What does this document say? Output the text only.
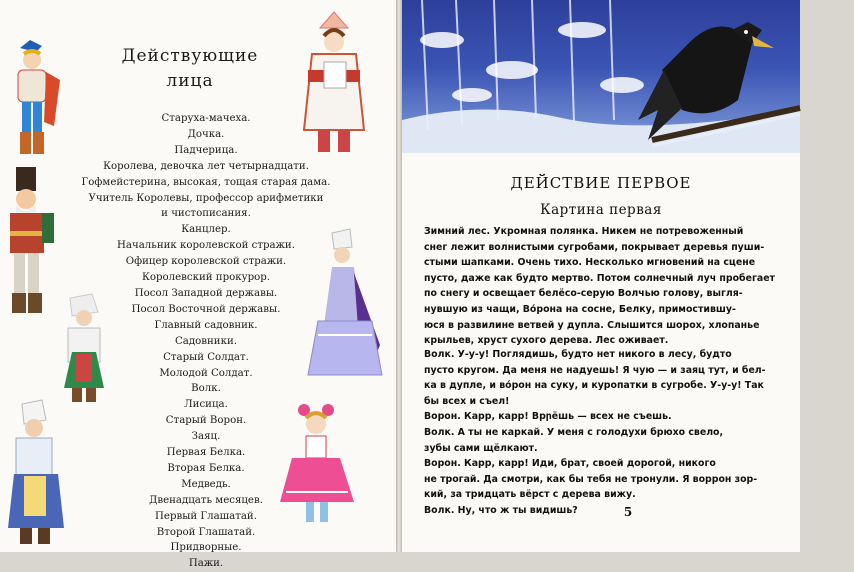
Действующие
лица
Старуха-мачеха.
Дочка.
Падчерица.
Королева, девочка лет четырнадцати.
Гофмейстерина, высокая, тощая старая дама.
Учитель Королевы, профессор арифметики
и чистописания.
Канцлер.
Начальник королевской стражи.
Офицер королевской стражи.
Королевский прокурор.
Посол Западной державы.
Посол Восточной державы.
Главный садовник.
Садовники.
Старый Солдат.
Молодой Солдат.
Волк.
Лисица.
Старый Ворон.
Заяц.
Первая Белка.
Вторая Белка.
Медведь.
Двенадцать месяцев.
Первый Глашатай.
Второй Глашатай.
Придворные.
Пажи.
ДЕЙСТВИЕ ПЕРВОЕ
Картина первая
Зимний лес. Укромная полянка. Никем не потревоженный
снег лежит волнистыми сугробами, покрывает деревья пуши-
стыми шапками. Очень тихо. Несколько мгновений на сцене
пусто, даже как будто мертво. Потом солнечный луч пробегает
по снегу и освещает белёсо-серую Волчью голову, выгля-
нувшую из чащи, Во́рона на сосне, Белку, примостившу-
юся в развилине ветвей у дупла. Слышится шорох, хлопанье
крыльев, хруст сухого дерева. Лес оживает.
Волк. У-у-у! Поглядишь, будто нет никого в лесу, будто
пусто кругом. Да меня не надуешь! Я чую — и заяц тут, и бел-
ка в дупле, и во́рон на суку, и куропатки в сугробе. У-у-у! Так
бы всех и съел!
Ворон. Карр, карр! Врրёшь — всех не съешь.
Волк. А ты не каркай. У меня с голодухи брюхо свело,
зубы сами щёлкают.
Ворон. Карр, карр! Иди, брат, своей дорогой, никого
не трогай. Да смотри, как бы тебя не тронули. Я воррон зор-
кий, за тридцать вёрст с дерева вижу.
Волк. Ну, что ж ты видишь?	5
